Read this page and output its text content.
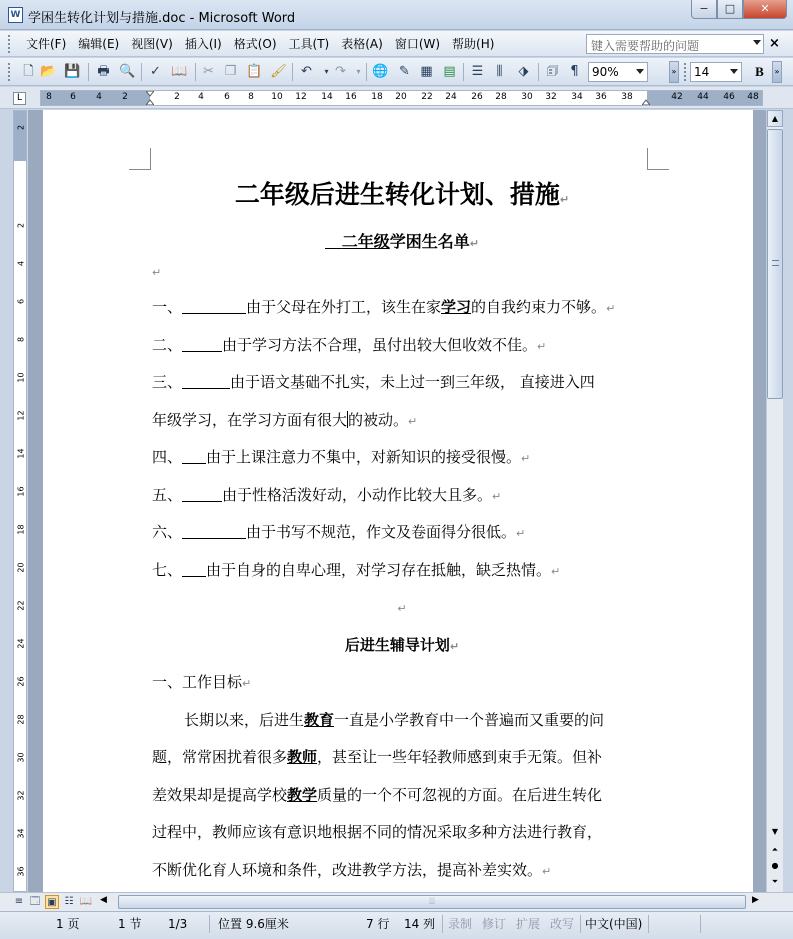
W 学困生转化计划与措施.doc - Microsoft Word
−	□	✕
文件(F)	编辑(E)	视图(V)	插入(I)	格式(O)	工具(T)	表格(A)	窗口(W)	帮助(H)	键入需要帮助的问题	×
🗋 📂 💾 🖶 🔍 ✓ 📖 ✂ ❐ 📋 🖌 ↶	▾ ↷	▾ 🌐 ✎ ▦ ▤ ☰	⫼	⬗ 🗊 ¶	90%	»	14	B	»
L	8 6 4 2	2 4 6 8 10 12 14 16 18 20 22 24 26 28 30 32 34 36 38	42 44 46 48
2
2
4
6
8
10
12
14
16
18
20
22
24
26
28
30
32
34
36
二年级后进生转化计划、措施↵
二年级学困生名单↵
↵
一、	由于父母在外打工，该生在家学习的自我约束力不够。↵
二、	由于学习方法不合理，虽付出较大但收效不佳。↵
三、	由于语文基础不扎实，未上过一到三年级， 直接进入四
年级学习，在学习方面有很大的被动。↵
四、 由于上课注意力不集中，对新知识的接受很慢。↵
五、	由于性格活泼好动，小动作比较大且多。↵
六、	由于书写不规范，作文及卷面得分很低。↵
七、 由于自身的自卑心理，对学习存在抵触，缺乏热情。↵
↵
后进生辅导计划↵
一、工作目标↵
长期以来，后进生教育一直是小学教育中一个普遍而又重要的问
题，常常困扰着很多教师，甚至让一些年轻教师感到束手无策。但补
差效果却是提高学校教学质量的一个不可忽视的方面。在后进生转化
过程中，教师应该有意识地根据不同的情况采取多种方法进行教育，
不断优化育人环境和条件，改进教学方法，提高补差实效。↵
▲
▼
⏶
●
⏷
≡ 🗔 ▣ ☷ 📖 ◀	⦙⦙⦙	▶
1 页	1 节 1/3	位置 9.6厘米	7 行 14 列 录制 修订 扩展 改写 中文(中国)
